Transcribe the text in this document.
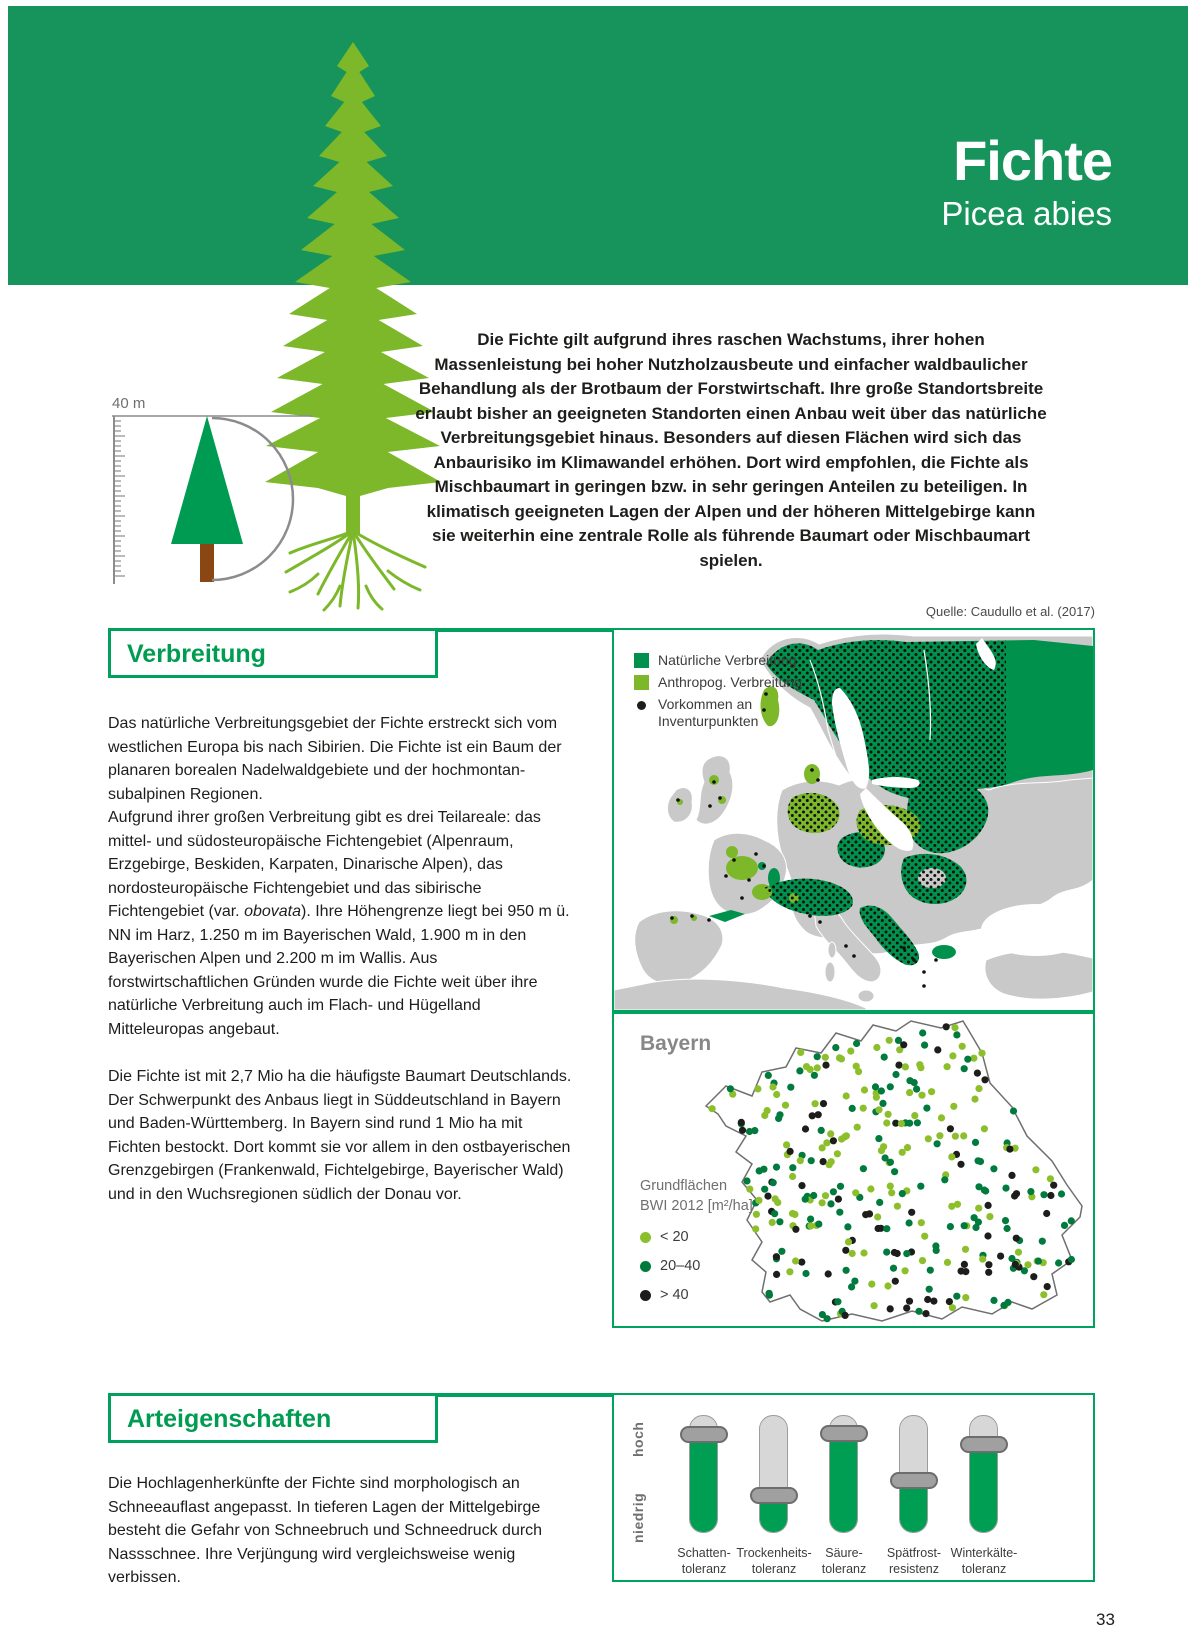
Fichte
Picea abies
40 m
Die Fichte gilt aufgrund ihres raschen Wachstums, ihrer hohen Massenleistung bei hoher Nutzholzausbeute und einfacher waldbaulicher Behandlung als der Brotbaum der Forstwirtschaft. Ihre große Standortsbreite erlaubt bisher an geeigneten Standorten einen Anbau weit über das natürliche Verbreitungsgebiet hinaus. Besonders auf diesen Flächen wird sich das Anbaurisiko im Klimawandel erhöhen. Dort wird empfohlen, die Fichte als Mischbaumart in geringen bzw. in sehr geringen Anteilen zu beteiligen. In klimatisch geeigneten Lagen der Alpen und der höheren Mittelgebirge kann sie weiterhin eine zentrale Rolle als führende Baumart oder Mischbaumart spielen.
Quelle: Caudullo et al. (2017)
Verbreitung

Das natürliche Verbreitungsgebiet der Fichte erstreckt sich vom westlichen Europa bis nach Sibirien. Die Fichte ist ein Baum der planaren borealen Nadelwaldgebiete und der hochmontan-subalpinen Regionen.

Aufgrund ihrer großen Verbreitung gibt es drei Teilareale: das mittel- und südosteuropäische Fichtengebiet (Alpenraum, Erzgebirge, Beskiden, Karpaten, Dinarische Alpen), das nordosteuropäische Fichtengebiet und das sibirische Fichtengebiet (var. obovata). Ihre Höhengrenze liegt bei 950 m ü. NN im Harz, 1.250 m im Bayerischen Wald, 1.900 m in den Bayerischen Alpen und 2.200 m im Wallis. Aus forstwirtschaftlichen Gründen wurde die Fichte weit über ihre natürliche Verbreitung auch im Flach- und Hügelland Mitteleuropas angebaut.

Die Fichte ist mit 2,7 Mio ha die häufigste Baumart Deutschlands. Der Schwerpunkt des Anbaus liegt in Süddeutschland in Bayern und Baden-Württemberg. In Bayern sind rund 1 Mio ha mit Fichten bestockt. Dort kommt sie vor allem in den ostbayerischen Grenzgebirgen (Frankenwald, Fichtelgebirge, Bayerischer Wald) und in den Wuchsregionen südlich der Donau vor.

Natürliche Verbreitung
Anthropog. Verbreitung
Vorkommen an
Inventurpunkten
Bayern
Grundflächen
BWI 2012 [m²/ha]
< 20
20–40
> 40
Arteigenschaften

Die Hochlagenherkünfte der Fichte sind morphologisch an Schneeauflast angepasst. In tieferen Lagen der Mittelgebirge besteht die Gefahr von Schneebruch und Schneedruck durch Nassschnee. Ihre Verjüngung wird vergleichsweise wenig verbissen.

hoch
niedrig
Schatten-
toleranz
Trockenheits-
toleranz
Säure-
toleranz
Spätfrost-
resistenz
Winterkälte-
toleranz
33
